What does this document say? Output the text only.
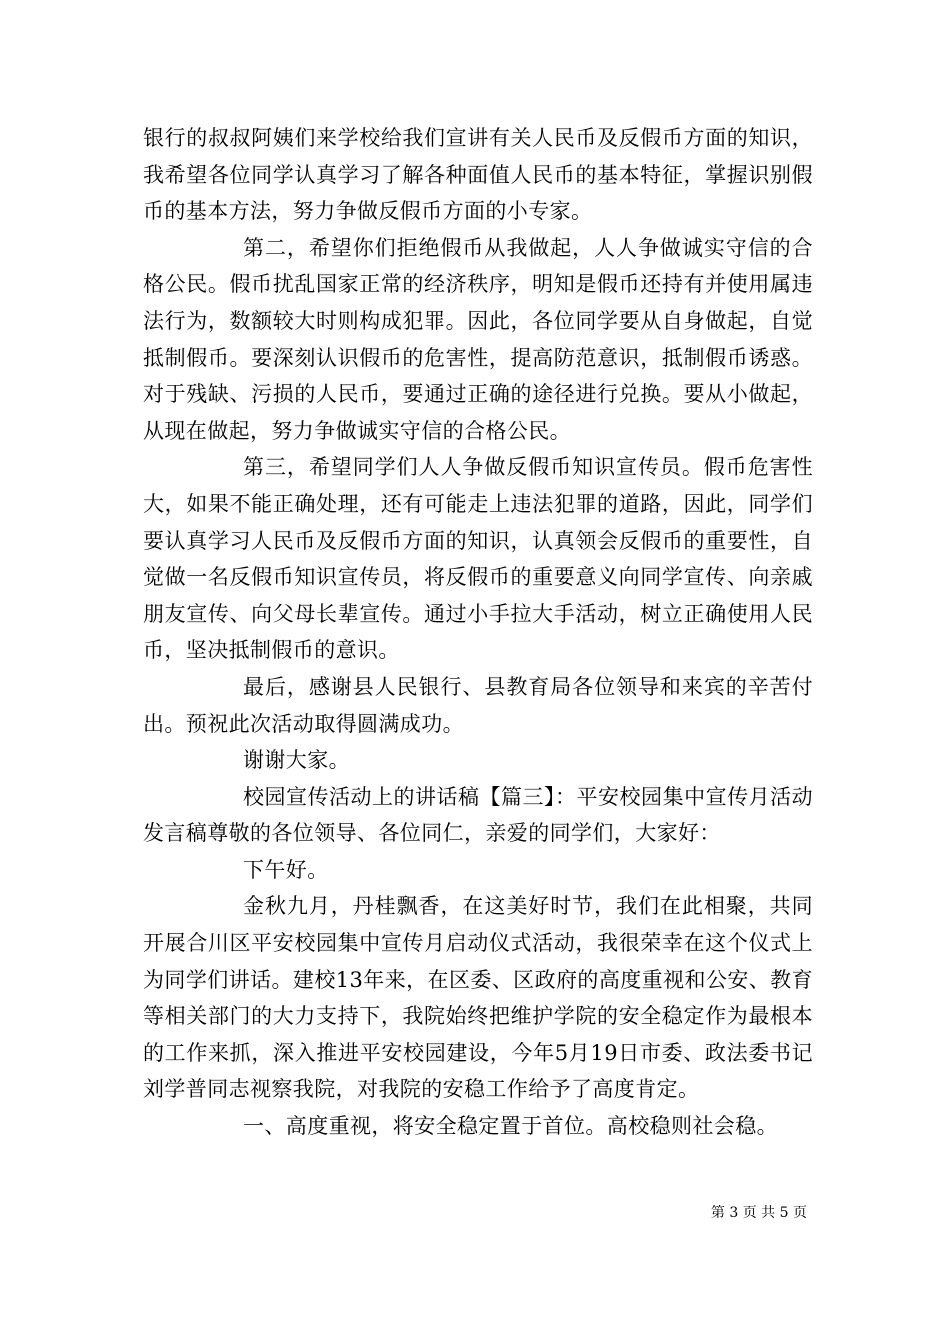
银行的叔叔阿姨们来学校给我们宣讲有关人民币及反假币方面的知识，我希望各位同学认真学习了解各种面值人民币的基本特征，掌握识别假币的基本方法，努力争做反假币方面的小专家。

第二，希望你们拒绝假币从我做起，人人争做诚实守信的合格公民。假币扰乱国家正常的经济秩序，明知是假币还持有并使用属违法行为，数额较大时则构成犯罪。因此，各位同学要从自身做起，自觉抵制假币。要深刻认识假币的危害性，提高防范意识，抵制假币诱惑。对于残缺、污损的人民币，要通过正确的途径进行兑换。要从小做起，从现在做起，努力争做诚实守信的合格公民。

第三，希望同学们人人争做反假币知识宣传员。假币危害性大，如果不能正确处理，还有可能走上违法犯罪的道路，因此，同学们要认真学习人民币及反假币方面的知识，认真领会反假币的重要性，自觉做一名反假币知识宣传员，将反假币的重要意义向同学宣传、向亲戚朋友宣传、向父母长辈宣传。通过小手拉大手活动，树立正确使用人民币，坚决抵制假币的意识。

最后，感谢县人民银行、县教育局各位领导和来宾的辛苦付出。预祝此次活动取得圆满成功。

谢谢大家。

校园宣传活动上的讲话稿【篇三】：平安校园集中宣传月活动发言稿尊敬的各位领导、各位同仁，亲爱的同学们，大家好：

下午好。

金秋九月，丹桂飘香，在这美好时节，我们在此相聚，共同开展合川区平安校园集中宣传月启动仪式活动，我很荣幸在这个仪式上为同学们讲话。建校13年来，在区委、区政府的高度重视和公安、教育等相关部门的大力支持下，我院始终把维护学院的安全稳定作为最根本的工作来抓，深入推进平安校园建设，今年5月19日市委、政法委书记刘学普同志视察我院，对我院的安稳工作给予了高度肯定。

一、高度重视，将安全稳定置于首位。高校稳则社会稳。

第 3 页 共 5 页
